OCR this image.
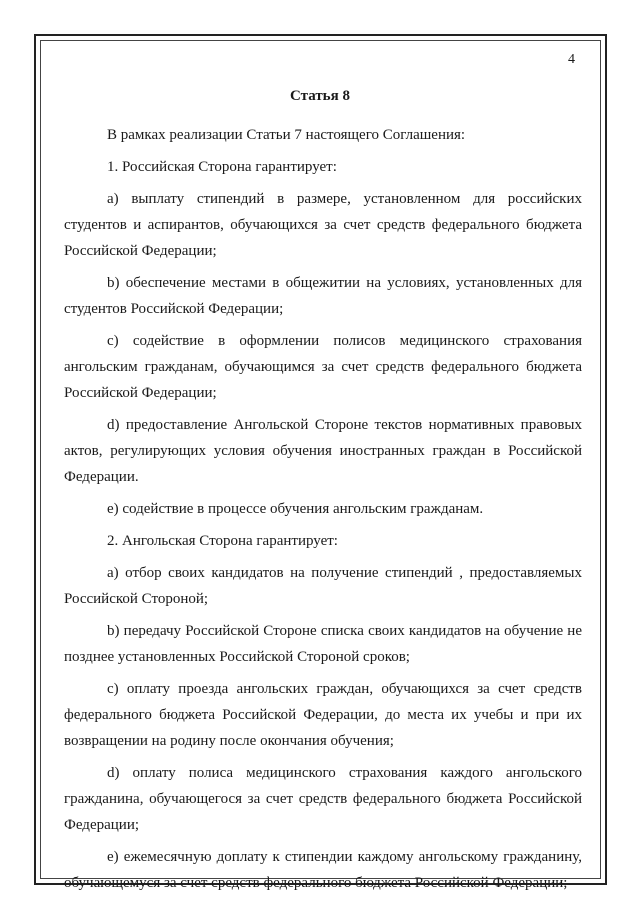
4
Статья 8

В рамках реализации Статьи 7 настоящего Соглашения:

1. Российская Сторона гарантирует:

а) выплату стипендий в размере, установленном для российских студентов и аспирантов, обучающихся за счет средств федерального бюджета Российской Федерации;

b) обеспечение местами в общежитии на условиях, установленных для студентов Российской Федерации;

с) содействие в оформлении полисов медицинского страхования ангольским гражданам, обучающимся за счет средств федерального бюджета Российской Федерации;

d) предоставление Ангольской Стороне текстов нормативных правовых актов, регулирующих условия обучения иностранных граждан в Российской Федерации.

е) содействие в процессе обучения ангольским гражданам.

2. Ангольская Сторона гарантирует:

а) отбор своих кандидатов на получение стипендий , предоставляемых Российской Стороной;

b) передачу Российской Стороне списка своих кандидатов на обучение не позднее установленных Российской Стороной сроков;

с) оплату проезда ангольских граждан, обучающихся за счет средств федерального бюджета Российской Федерации, до места их учебы и при их возвращении на родину после окончания обучения;

d) оплату полиса медицинского страхования каждого ангольского гражданина, обучающегося за счет средств федерального бюджета Российской Федерации;

е) ежемесячную доплату к стипендии каждому ангольскому гражданину, обучающемуся за счет средств федерального бюджета Российской Федерации;
